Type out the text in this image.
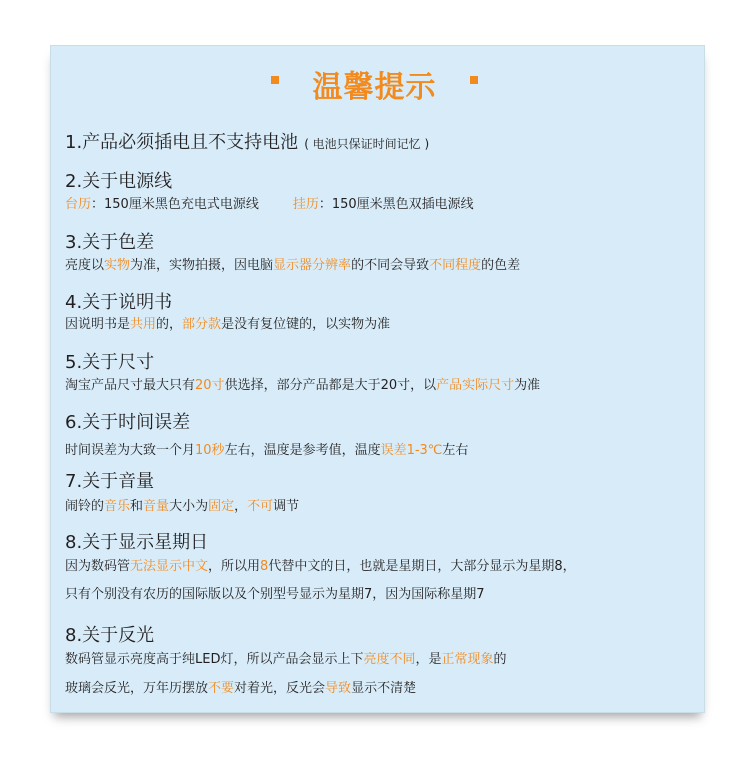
温馨提示
1.产品必须插电且不支持电池 ( 电池只保证时间记忆 )
2.关于电源线
台历：150厘米黑色充电式电源线	挂历：150厘米黑色双插电源线
3.关于色差
亮度以实物为准，实物拍摄，因电脑显示器分辨率的不同会导致不同程度的色差
4.关于说明书
因说明书是共用的，部分款是没有复位键的，以实物为准
5.关于尺寸
淘宝产品尺寸最大只有20寸供选择，部分产品都是大于20寸，以产品实际尺寸为准
6.关于时间误差
时间误差为大致一个月10秒左右，温度是参考值，温度误差1-3℃左右
7.关于音量
闹铃的音乐和音量大小为固定，不可调节
8.关于显示星期日
因为数码管无法显示中文，所以用8代替中文的日，也就是星期日，大部分显示为星期8，
只有个别没有农历的国际版以及个别型号显示为星期7，因为国际称星期7
8.关于反光
数码管显示亮度高于纯LED灯，所以产品会显示上下亮度不同，是正常现象的
玻璃会反光，万年历摆放不要对着光，反光会导致显示不清楚
